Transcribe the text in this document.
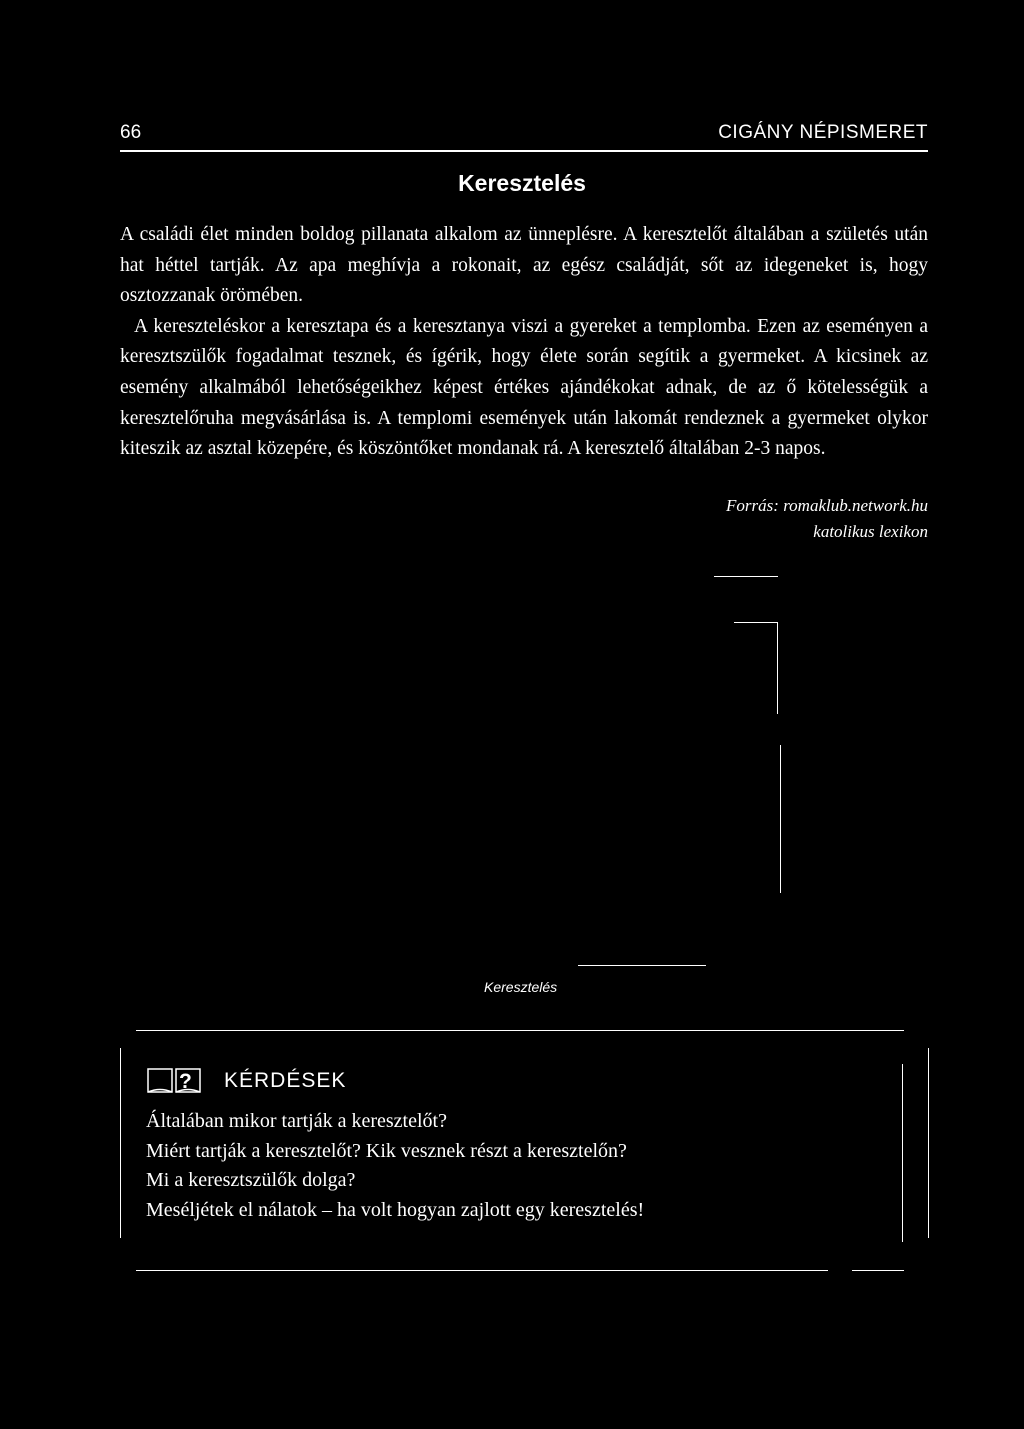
66	CIGÁNY NÉPISMERET
Keresztelés

A családi élet minden boldog pillanata alkalom az ünneplésre. A keresztelőt általában a születés után hat héttel tartják. Az apa meghívja a rokonait, az egész családját, sőt az idegeneket is, hogy osztozzanak örömében.

A kereszteléskor a keresztapa és a keresztanya viszi a gyereket a templomba. Ezen az eseményen a keresztszülők fogadalmat tesznek, és ígérik, hogy élete során segítik a gyermeket. A kicsinek az esemény alkalmából lehetőségeikhez képest értékes ajándékokat adnak, de az ő kötelességük a keresztelőruha megvásárlása is. A templomi események után lakomát rendeznek a gyermeket olykor kiteszik az asztal közepére, és köszöntőket mondanak rá. A keresztelő általában 2-3 napos.

Forrás: romaklub.network.hu
katolikus lexikon
Keresztelés
? KÉRDÉSEK
Általában mikor tartják a keresztelőt?
Miért tartják a keresztelőt? Kik vesznek részt a keresztelőn?
Mi a keresztszülők dolga?
Meséljétek el nálatok – ha volt hogyan zajlott egy keresztelés!
